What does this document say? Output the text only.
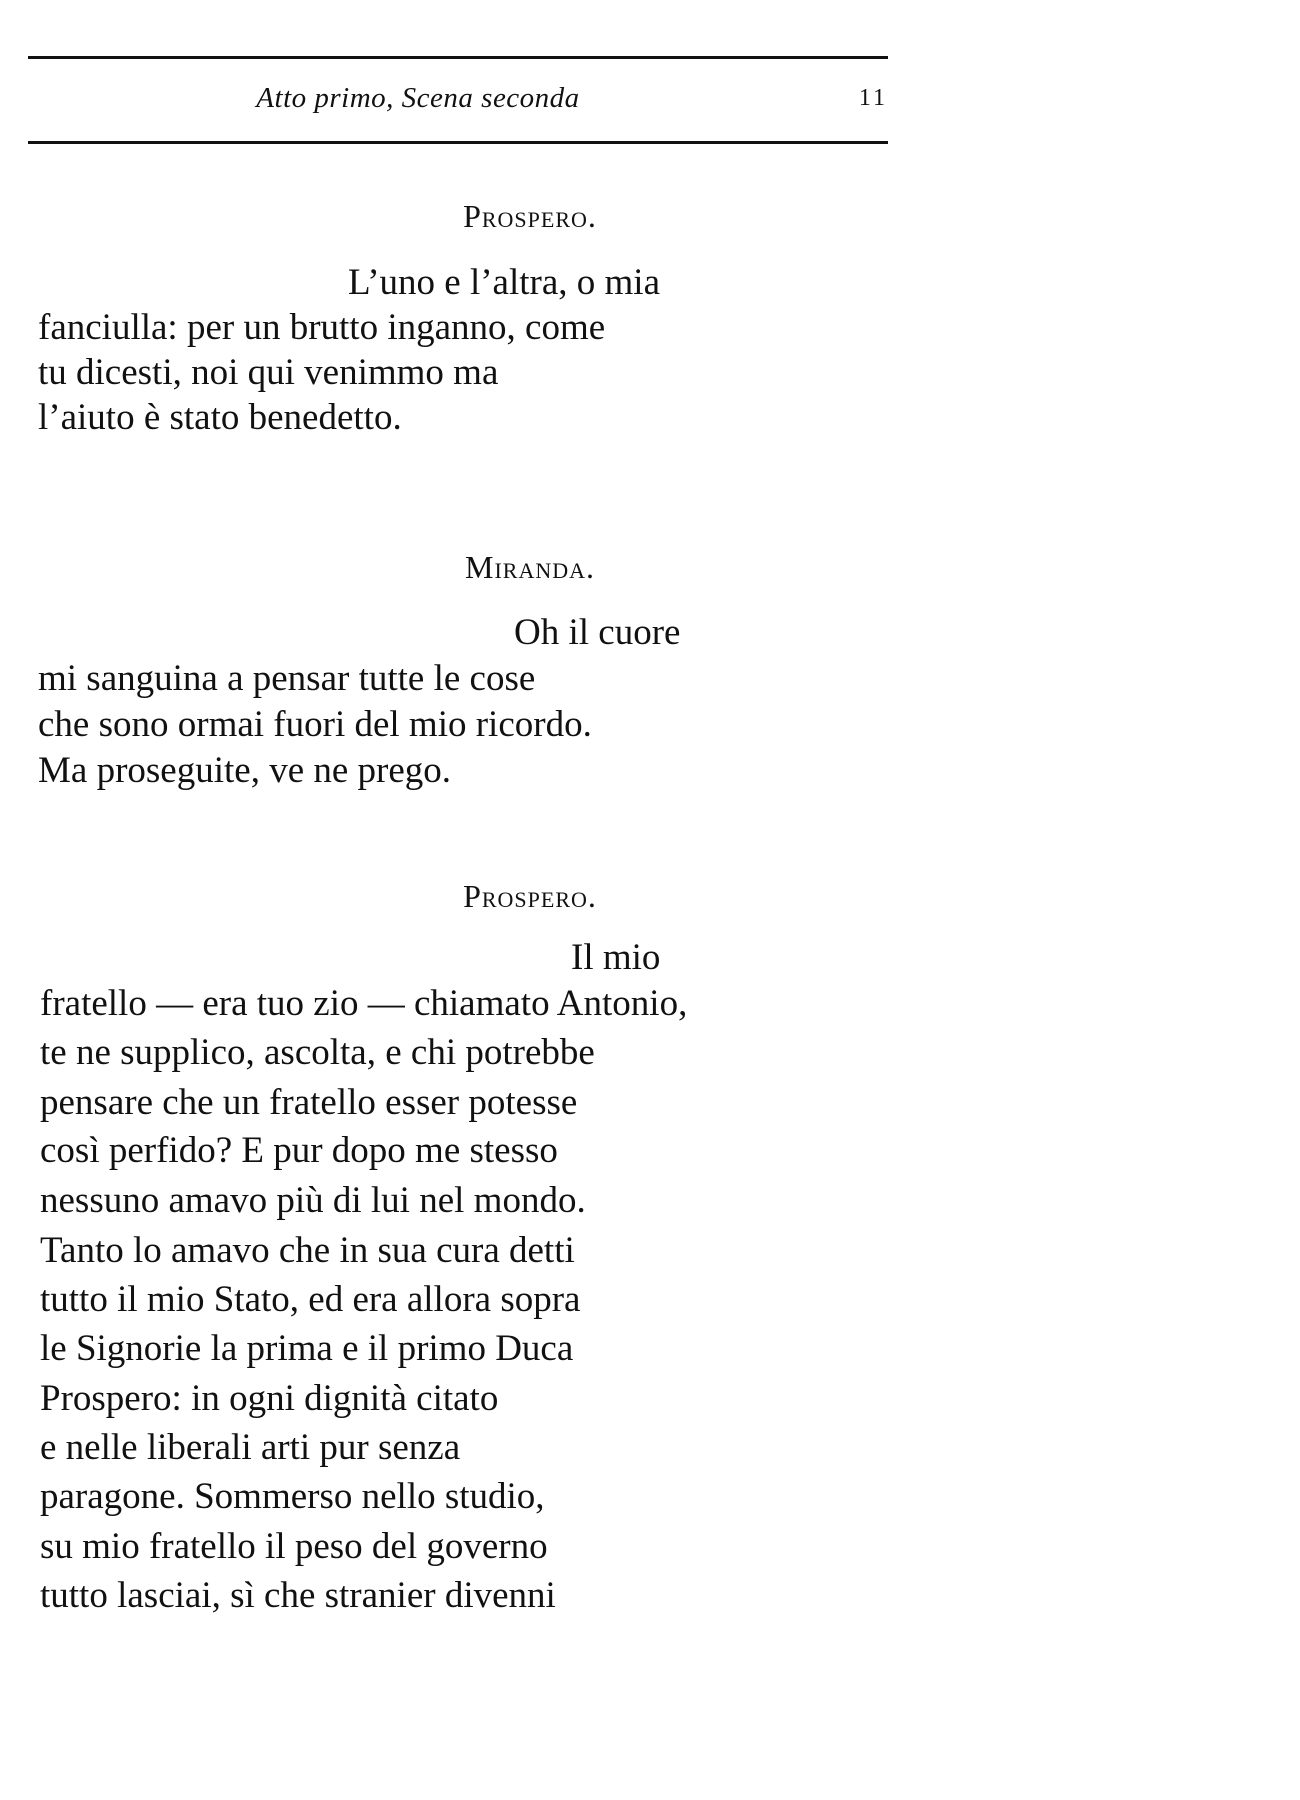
Atto primo, Scena seconda	11
Prospero.
L’uno e l’altra, o mia
fanciulla: per un brutto inganno, come
tu dicesti, noi qui venimmo ma
l’aiuto è stato benedetto.
Miranda.
Oh il cuore
mi sanguina a pensar tutte le cose
che sono ormai fuori del mio ricordo.
Ma proseguite, ve ne prego.
Prospero.
Il mio
fratello — era tuo zio — chiamato Antonio,
te ne supplico, ascolta, e chi potrebbe
pensare che un fratello esser potesse
così perfido? E pur dopo me stesso
nessuno amavo più di lui nel mondo.
Tanto lo amavo che in sua cura detti
tutto il mio Stato, ed era allora sopra
le Signorie la prima e il primo Duca
Prospero: in ogni dignità citato
e nelle liberali arti pur senza
paragone. Sommerso nello studio,
su mio fratello il peso del governo
tutto lasciai, sì che stranier divenni
